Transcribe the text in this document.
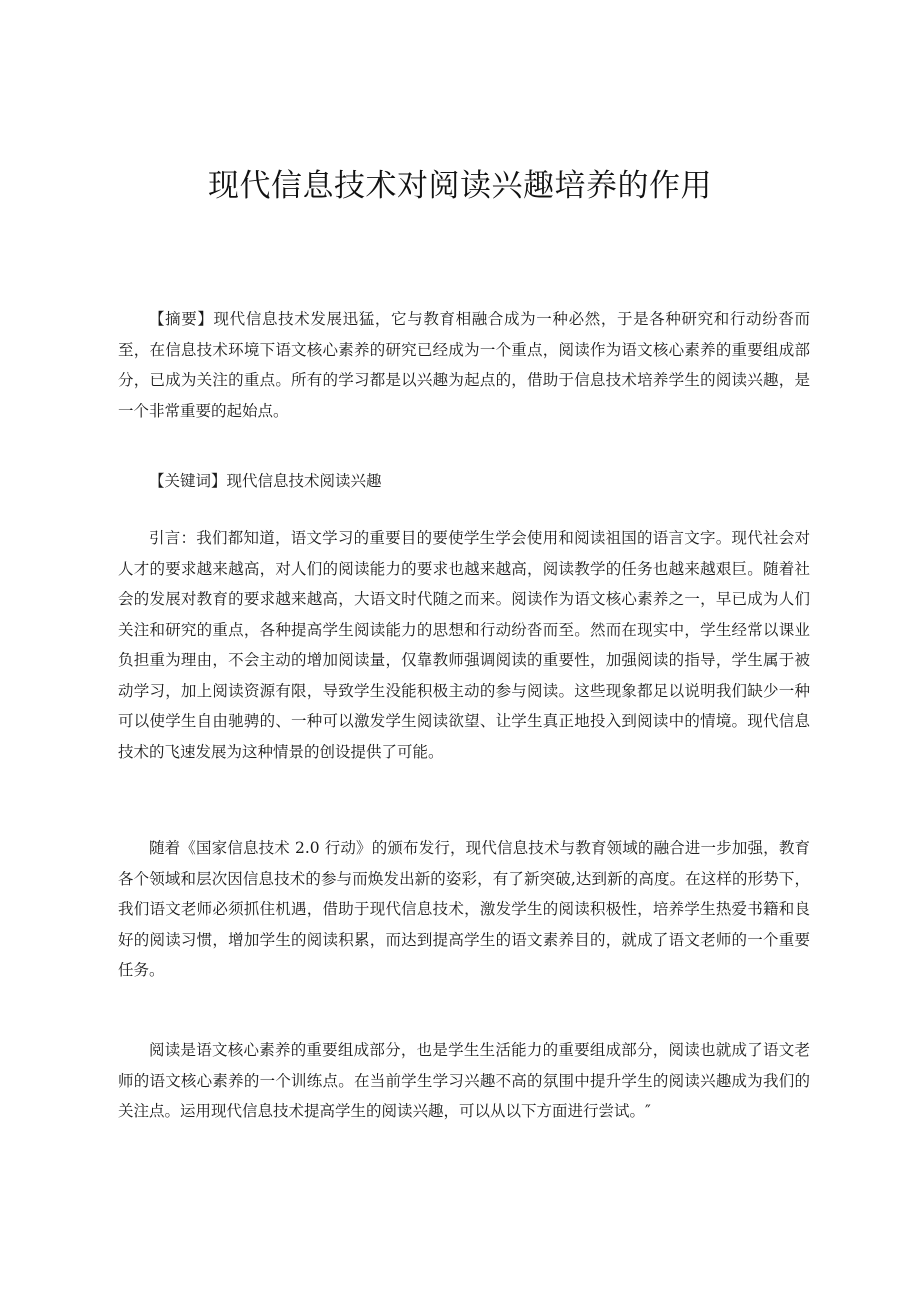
现代信息技术对阅读兴趣培养的作用

【摘要】现代信息技术发展迅猛，它与教育相融合成为一种必然，于是各种研究和行动纷沓而至，在信息技术环境下语文核心素养的研究已经成为一个重点，阅读作为语文核心素养的重要组成部分，已成为关注的重点。所有的学习都是以兴趣为起点的，借助于信息技术培养学生的阅读兴趣，是一个非常重要的起始点。

【关键词】现代信息技术阅读兴趣

引言：我们都知道，语文学习的重要目的要使学生学会使用和阅读祖国的语言文字。现代社会对人才的要求越来越高，对人们的阅读能力的要求也越来越高，阅读教学的任务也越来越艰巨。随着社会的发展对教育的要求越来越高，大语文时代随之而来。阅读作为语文核心素养之一，早已成为人们关注和研究的重点，各种提高学生阅读能力的思想和行动纷沓而至。然而在现实中，学生经常以课业负担重为理由，不会主动的增加阅读量，仅靠教师强调阅读的重要性，加强阅读的指导，学生属于被动学习，加上阅读资源有限，导致学生没能积极主动的参与阅读。这些现象都足以说明我们缺少一种可以使学生自由驰骋的、一种可以激发学生阅读欲望、让学生真正地投入到阅读中的情境。现代信息技术的飞速发展为这种情景的创设提供了可能。

随着《国家信息技术 2.0 行动》的颁布发行，现代信息技术与教育领域的融合进一步加强，教育各个领域和层次因信息技术的参与而焕发出新的姿彩，有了新突破,达到新的高度。在这样的形势下，我们语文老师必须抓住机遇，借助于现代信息技术，激发学生的阅读积极性，培养学生热爱书籍和良好的阅读习惯，增加学生的阅读积累，而达到提高学生的语文素养目的，就成了语文老师的一个重要任务。

阅读是语文核心素养的重要组成部分，也是学生生活能力的重要组成部分，阅读也就成了语文老师的语文核心素养的一个训练点。在当前学生学习兴趣不高的氛围中提升学生的阅读兴趣成为我们的关注点。运用现代信息技术提高学生的阅读兴趣，可以从以下方面进行尝试。″
